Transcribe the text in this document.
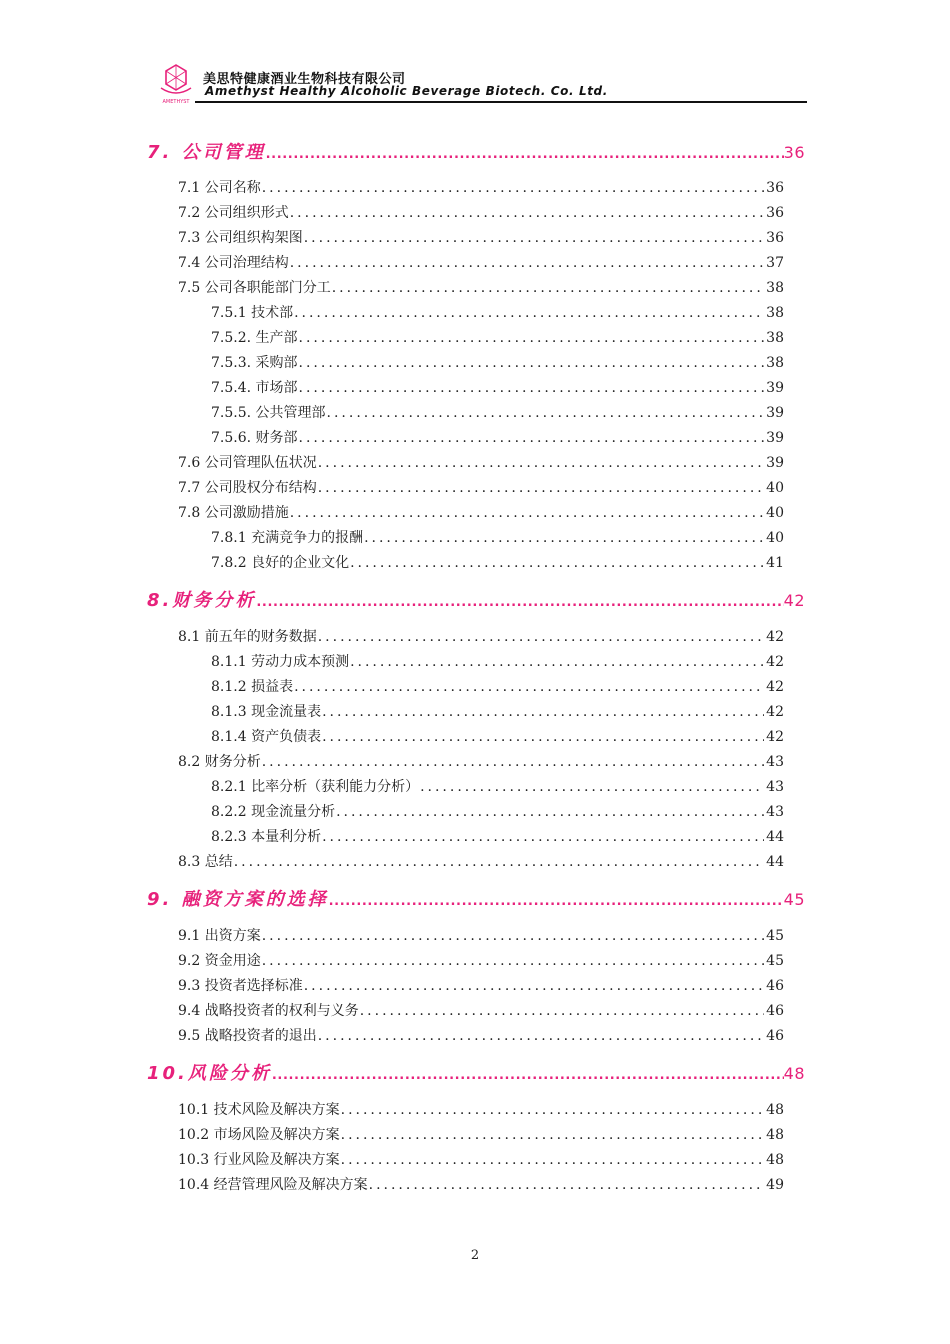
AMETHYST
美思特健康酒业生物科技有限公司
Amethyst Healthy Alcoholic Beverage Biotech. Co. Ltd.
7. 公司管理 .....	36
7.1 公司名称 .....	36
7.2 公司组织形式 .....	36
7.3 公司组织构架图 .....	36
7.4 公司治理结构 .....	37
7.5 公司各职能部门分工 .....	38
7.5.1 技术部 .....	38
7.5.2. 生产部 .....	38
7.5.3. 采购部 .....	38
7.5.4. 市场部 .....	39
7.5.5. 公共管理部 .....	39
7.5.6. 财务部 .....	39
7.6 公司管理队伍状况 .....	39
7.7 公司股权分布结构 .....	40
7.8 公司激励措施 .....	40
7.8.1 充满竞争力的报酬 .....	40
7.8.2 良好的企业文化 .....	41
8.财务分析 .....	42
8.1 前五年的财务数据 .....	42
8.1.1 劳动力成本预测 .....	42
8.1.2 损益表 .....	42
8.1.3 现金流量表 .....	42
8.1.4 资产负债表 .....	42
8.2 财务分析 .....	43
8.2.1 比率分析（获利能力分析） .....	43
8.2.2 现金流量分析 .....	43
8.2.3 本量利分析 .....	44
8.3 总结 .....	44
9. 融资方案的选择 .....	45
9.1 出资方案 .....	45
9.2 资金用途 .....	45
9.3 投资者选择标准 .....	46
9.4 战略投资者的权利与义务 .....	46
9.5 战略投资者的退出 .....	46
10.风险分析 .....	48
10.1 技术风险及解决方案 .....	48
10.2 市场风险及解决方案 .....	48
10.3 行业风险及解决方案 .....	48
10.4 经营管理风险及解决方案 .....	49
2
